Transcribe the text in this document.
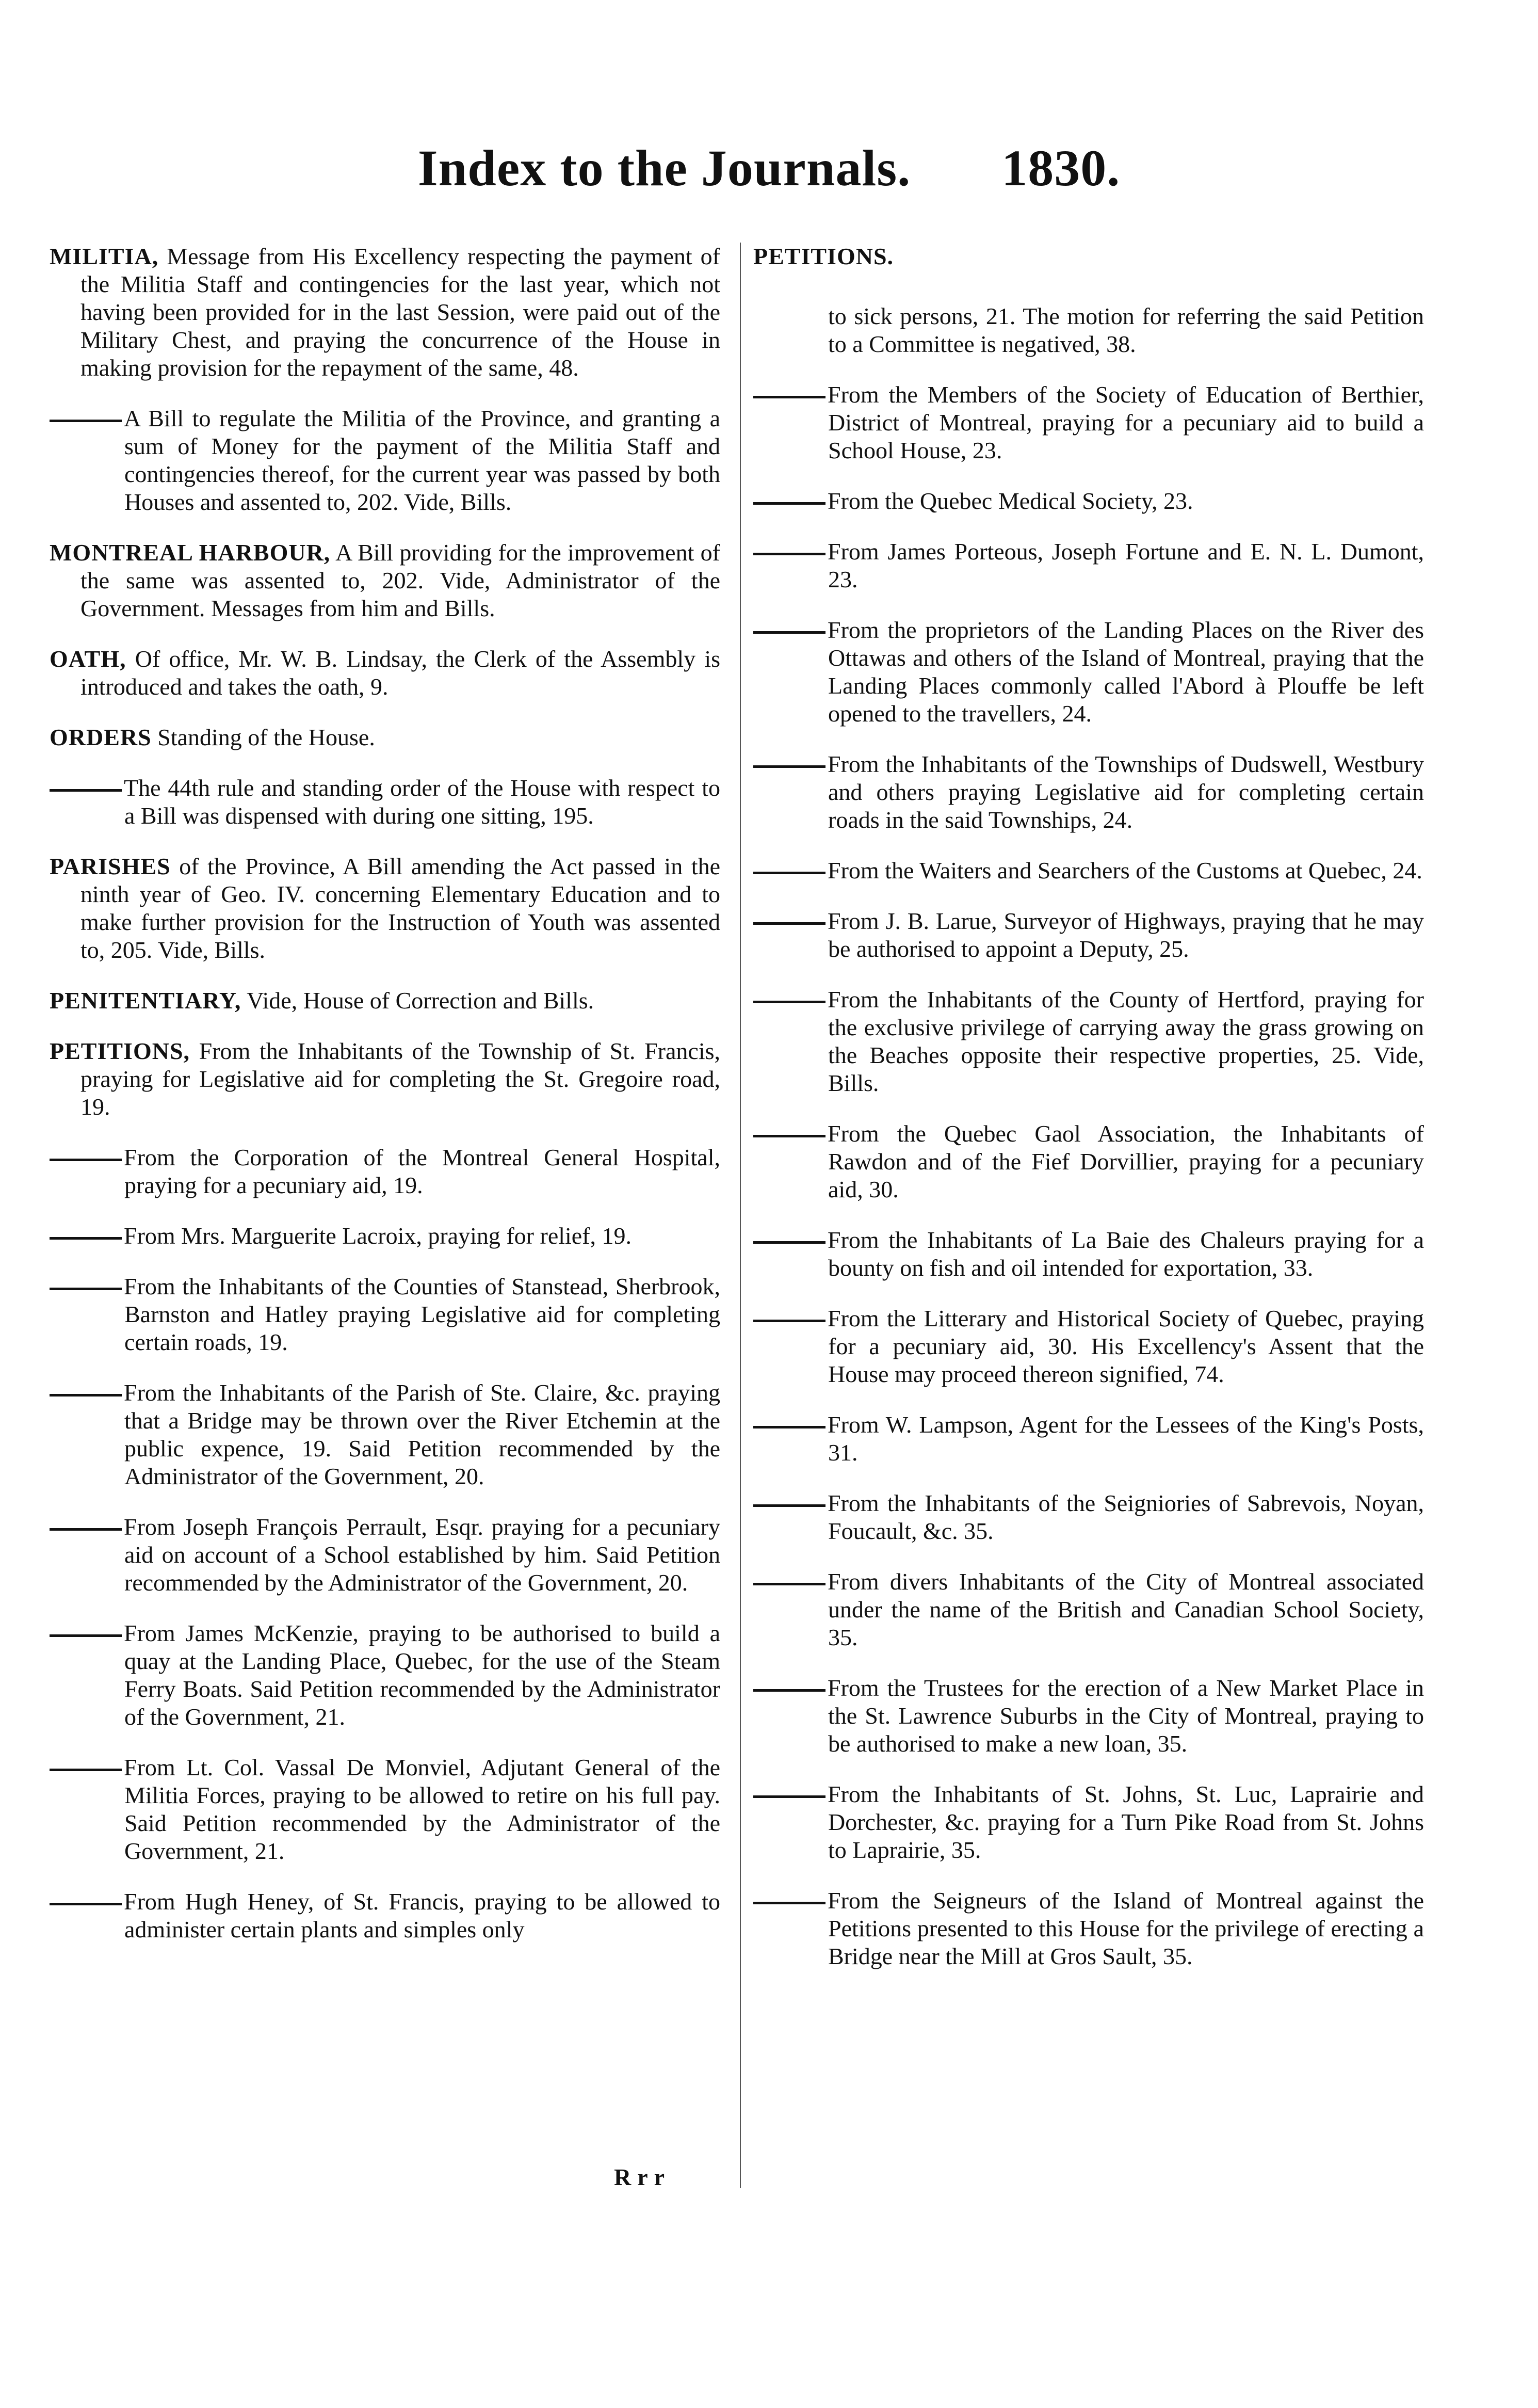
Index to the Journals. 1830.
MILITIA, Message from His Excellency respecting the payment of the Militia Staff and contingencies for the last year, which not having been provided for in the last Session, were paid out of the Military Chest, and praying the concurrence of the House in making provision for the repayment of the same, 48.
A Bill to regulate the Militia of the Province, and granting a sum of Money for the payment of the Militia Staff and contingencies thereof, for the current year was passed by both Houses and assented to, 202. Vide, Bills.
MONTREAL HARBOUR, A Bill providing for the improvement of the same was assented to, 202. Vide, Administrator of the Government. Messages from him and Bills.
OATH, Of office, Mr. W. B. Lindsay, the Clerk of the Assembly is introduced and takes the oath, 9.
ORDERS Standing of the House.
The 44th rule and standing order of the House with respect to a Bill was dispensed with during one sitting, 195.
PARISHES of the Province, A Bill amending the Act passed in the ninth year of Geo. IV. concerning Elementary Education and to make further provision for the Instruction of Youth was assented to, 205. Vide, Bills.
PENITENTIARY, Vide, House of Correction and Bills.
PETITIONS, From the Inhabitants of the Township of St. Francis, praying for Legislative aid for completing the St. Gregoire road, 19.
From the Corporation of the Montreal General Hospital, praying for a pecuniary aid, 19.
From Mrs. Marguerite Lacroix, praying for relief, 19.
From the Inhabitants of the Counties of Stanstead, Sherbrook, Barnston and Hatley praying Legislative aid for completing certain roads, 19.
From the Inhabitants of the Parish of Ste. Claire, &c. praying that a Bridge may be thrown over the River Etchemin at the public expence, 19. Said Petition recommended by the Administrator of the Government, 20.
From Joseph François Perrault, Esqr. praying for a pecuniary aid on account of a School established by him. Said Petition recommended by the Administrator of the Government, 20.
From James McKenzie, praying to be authorised to build a quay at the Landing Place, Quebec, for the use of the Steam Ferry Boats. Said Petition recommended by the Administrator of the Government, 21.
From Lt. Col. Vassal De Monviel, Adjutant General of the Militia Forces, praying to be allowed to retire on his full pay. Said Petition recommended by the Administrator of the Government, 21.
From Hugh Heney, of St. Francis, praying to be allowed to administer certain plants and simples only
PETITIONS.
to sick persons, 21. The motion for referring the said Petition to a Committee is negatived, 38.
From the Members of the Society of Education of Berthier, District of Montreal, praying for a pecuniary aid to build a School House, 23.
From the Quebec Medical Society, 23.
From James Porteous, Joseph Fortune and E. N. L. Dumont, 23.
From the proprietors of the Landing Places on the River des Ottawas and others of the Island of Montreal, praying that the Landing Places commonly called l'Abord à Plouffe be left opened to the travellers, 24.
From the Inhabitants of the Townships of Dudswell, Westbury and others praying Legislative aid for completing certain roads in the said Townships, 24.
From the Waiters and Searchers of the Customs at Quebec, 24.
From J. B. Larue, Surveyor of Highways, praying that he may be authorised to appoint a Deputy, 25.
From the Inhabitants of the County of Hertford, praying for the exclusive privilege of carrying away the grass growing on the Beaches opposite their respective properties, 25. Vide, Bills.
From the Quebec Gaol Association, the Inhabitants of Rawdon and of the Fief Dorvillier, praying for a pecuniary aid, 30.
From the Inhabitants of La Baie des Chaleurs praying for a bounty on fish and oil intended for exportation, 33.
From the Litterary and Historical Society of Quebec, praying for a pecuniary aid, 30. His Excellency's Assent that the House may proceed thereon signified, 74.
From W. Lampson, Agent for the Lessees of the King's Posts, 31.
From the Inhabitants of the Seigniories of Sabrevois, Noyan, Foucault, &c. 35.
From divers Inhabitants of the City of Montreal associated under the name of the British and Canadian School Society, 35.
From the Trustees for the erection of a New Market Place in the St. Lawrence Suburbs in the City of Montreal, praying to be authorised to make a new loan, 35.
From the Inhabitants of St. Johns, St. Luc, Laprairie and Dorchester, &c. praying for a Turn Pike Road from St. Johns to Laprairie, 35.
From the Seigneurs of the Island of Montreal against the Petitions presented to this House for the privilege of erecting a Bridge near the Mill at Gros Sault, 35.
Rrr
